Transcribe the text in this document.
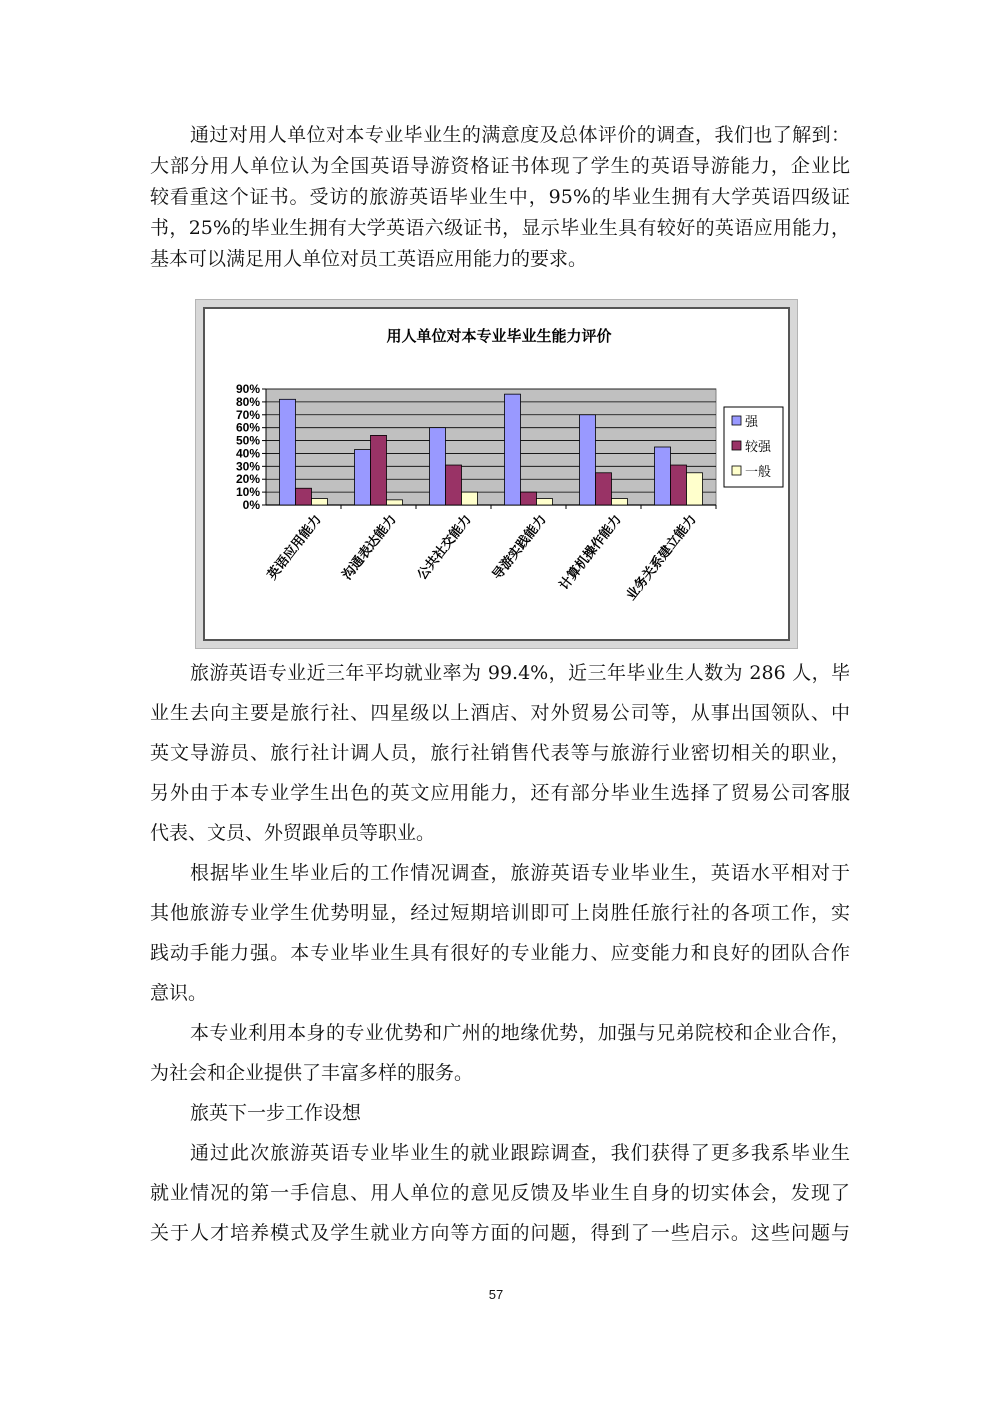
通过对用人单位对本专业毕业生的满意度及总体评价的调查，我们也了解到：
大部分用人单位认为全国英语导游资格证书体现了学生的英语导游能力，企业比
较看重这个证书。受访的旅游英语毕业生中，95%的毕业生拥有大学英语四级证
书，25%的毕业生拥有大学英语六级证书，显示毕业生具有较好的英语应用能力，
基本可以满足用人单位对员工英语应用能力的要求。
用人单位对本专业毕业生能力评价
0%
10%
20%
30%
40%
50%
60%
70%
80%
90%
英语应用能力 沟通表达能力 公共社交能力 导游实践能力 计算机操作能力 业务关系建立能力
强
较强
一般
旅游英语专业近三年平均就业率为 99.4%，近三年毕业生人数为 286 人，毕
业生去向主要是旅行社、四星级以上酒店、对外贸易公司等，从事出国领队、中
英文导游员、旅行社计调人员，旅行社销售代表等与旅游行业密切相关的职业，
另外由于本专业学生出色的英文应用能力，还有部分毕业生选择了贸易公司客服
代表、文员、外贸跟单员等职业。
根据毕业生毕业后的工作情况调查，旅游英语专业毕业生，英语水平相对于
其他旅游专业学生优势明显，经过短期培训即可上岗胜任旅行社的各项工作，实
践动手能力强。本专业毕业生具有很好的专业能力、应变能力和良好的团队合作
意识。
本专业利用本身的专业优势和广州的地缘优势，加强与兄弟院校和企业合作，
为社会和企业提供了丰富多样的服务。
旅英下一步工作设想
通过此次旅游英语专业毕业生的就业跟踪调查，我们获得了更多我系毕业生
就业情况的第一手信息、用人单位的意见反馈及毕业生自身的切实体会，发现了
关于人才培养模式及学生就业方向等方面的问题，得到了一些启示。这些问题与
57
